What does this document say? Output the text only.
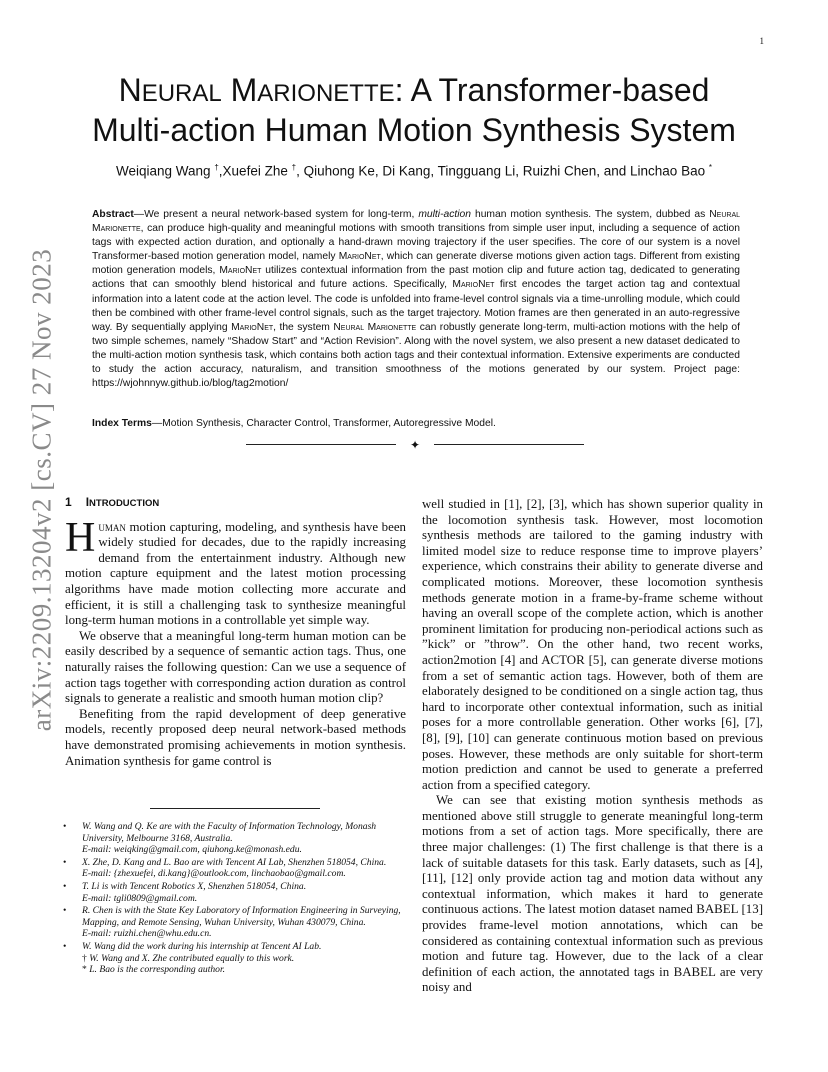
1
arXiv:2209.13204v2 [cs.CV] 27 Nov 2023
NEURAL MARIONETTE: A Transformer-based
Multi-action Human Motion Synthesis System
Weiqiang Wang †,Xuefei Zhe †, Qiuhong Ke, Di Kang, Tingguang Li, Ruizhi Chen, and Linchao Bao *
Abstract—We present a neural network-based system for long-term, multi-action human motion synthesis. The system, dubbed as Neural Marionette, can produce high-quality and meaningful motions with smooth transitions from simple user input, including a sequence of action tags with expected action duration, and optionally a hand-drawn moving trajectory if the user specifies. The core of our system is a novel Transformer-based motion generation model, namely MarioNet, which can generate diverse motions given action tags. Different from existing motion generation models, MarioNet utilizes contextual information from the past motion clip and future action tag, dedicated to generating actions that can smoothly blend historical and future actions. Specifically, MarioNet first encodes the target action tag and contextual information into a latent code at the action level. The code is unfolded into frame-level control signals via a time-unrolling module, which could then be combined with other frame-level control signals, such as the target trajectory. Motion frames are then generated in an auto-regressive way. By sequentially applying MarioNet, the system Neural Marionette can robustly generate long-term, multi-action motions with the help of two simple schemes, namely “Shadow Start” and “Action Revision”. Along with the novel system, we also present a new dataset dedicated to the multi-action motion synthesis task, which contains both action tags and their contextual information. Extensive experiments are conducted to study the action accuracy, naturalism, and transition smoothness of the motions generated by our system. Project page: https://wjohnnyw.github.io/blog/tag2motion/
Index Terms—Motion Synthesis, Character Control, Transformer, Autoregressive Model.
✦
1 INTRODUCTION

Human motion capturing, modeling, and synthesis have been widely studied for decades, due to the rapidly increasing demand from the entertainment industry. Although new motion capture equipment and the latest motion processing algorithms have made motion collecting more accurate and efficient, it is still a challenging task to synthesize meaningful long-term human motions in a controllable yet simple way.

We observe that a meaningful long-term human motion can be easily described by a sequence of semantic action tags. Thus, one naturally raises the following question: Can we use a sequence of action tags together with corresponding action duration as control signals to generate a realistic and smooth human motion clip?

Benefiting from the rapid development of deep generative models, recently proposed deep neural network-based methods have demonstrated promising achievements in motion synthesis. Animation synthesis for game control is

well studied in [1], [2], [3], which has shown superior quality in the locomotion synthesis task. However, most locomotion synthesis methods are tailored to the gaming industry with limited model size to reduce response time to improve players’ experience, which constrains their ability to generate diverse and complicated motions. Moreover, these locomotion synthesis methods generate motion in a frame-by-frame scheme without having an overall scope of the complete action, which is another prominent limitation for producing non-periodical actions such as ”kick” or ”throw”. On the other hand, two recent works, action2motion [4] and ACTOR [5], can generate diverse motions from a set of semantic action tags. However, both of them are elaborately designed to be conditioned on a single action tag, thus hard to incorporate other contextual information, such as initial poses for a more controllable generation. Other works [6], [7], [8], [9], [10] can generate continuous motion based on previous poses. However, these methods are only suitable for short-term motion prediction and cannot be used to generate a preferred action from a specified category.

We can see that existing motion synthesis methods as mentioned above still struggle to generate meaningful long-term motions from a set of action tags. More specifically, there are three major challenges: (1) The first challenge is that there is a lack of suitable datasets for this task. Early datasets, such as [4], [11], [12] only provide action tag and motion data without any contextual information, which makes it hard to generate continuous actions. The latest motion dataset named BABEL [13] provides frame-level motion annotations, which can be considered as containing contextual information such as previous motion and future tag. However, due to the lack of a clear definition of each action, the annotated tags in BABEL are very noisy and

• W. Wang and Q. Ke are with the Faculty of Information Technology, Monash University, Melbourne 3168, Australia.
E-mail: weiqking@gmail.com, qiuhong.ke@monash.edu.
• X. Zhe, D. Kang and L. Bao are with Tencent AI Lab, Shenzhen 518054, China.
E-mail: {zhexuefei, di.kang}@outlook.com, linchaobao@gmail.com.
• T. Li is with Tencent Robotics X, Shenzhen 518054, China.
E-mail: tgli0809@gmail.com.
• R. Chen is with the State Key Laboratory of Information Engineering in Surveying, Mapping, and Remote Sensing, Wuhan University, Wuhan 430079, China.
E-mail: ruizhi.chen@whu.edu.cn.
• W. Wang did the work during his internship at Tencent AI Lab.
† W. Wang and X. Zhe contributed equally to this work.
* L. Bao is the corresponding author.
